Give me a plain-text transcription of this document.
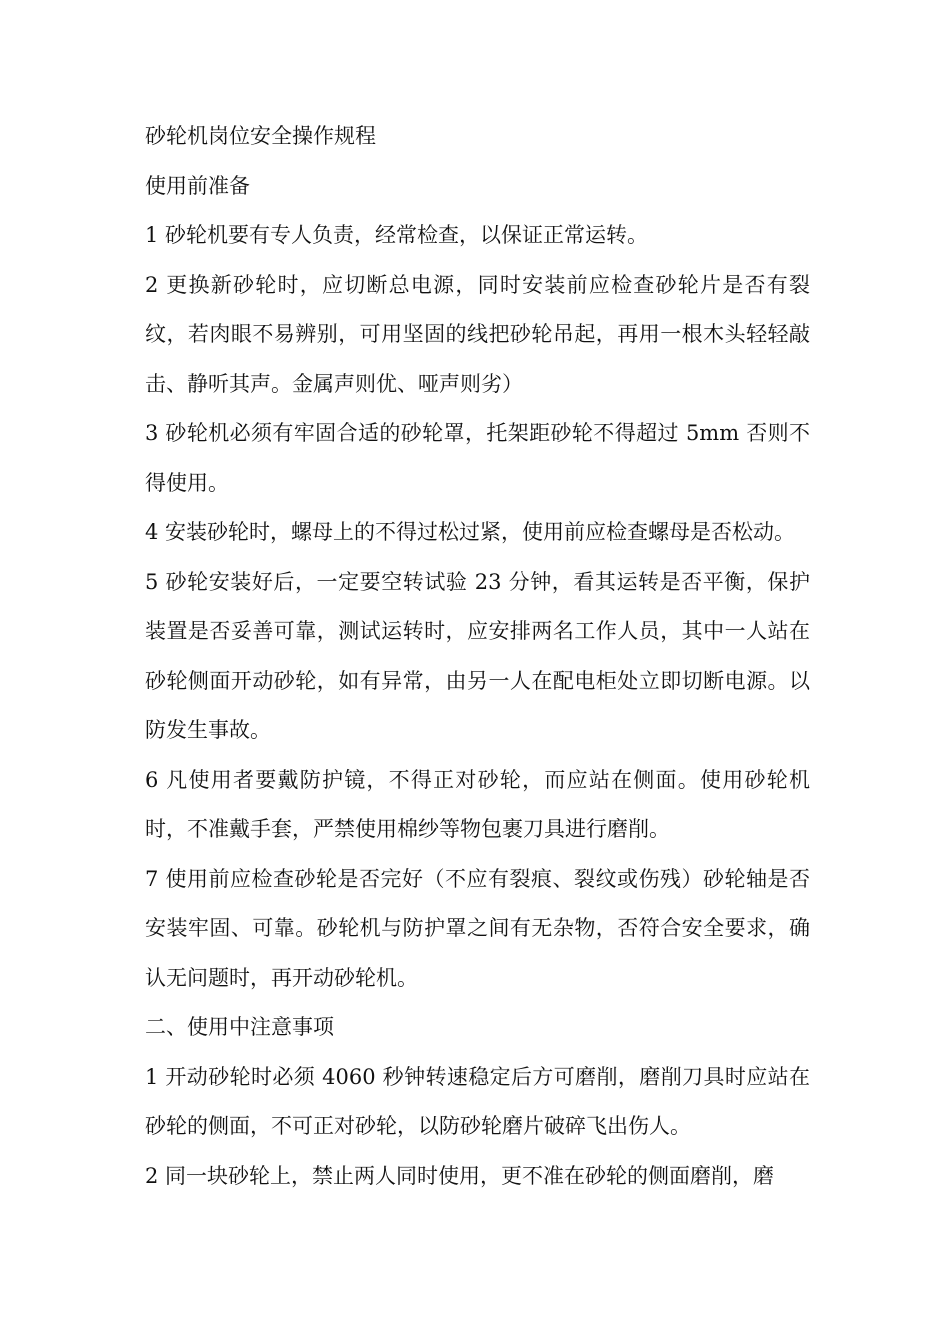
砂轮机岗位安全操作规程

使用前准备

1 砂轮机要有专人负责，经常检查，以保证正常运转。

2 更换新砂轮时，应切断总电源，同时安装前应检查砂轮片是否有裂纹，若肉眼不易辨别，可用坚固的线把砂轮吊起，再用一根木头轻轻敲击、静听其声。金属声则优、哑声则劣）

3 砂轮机必须有牢固合适的砂轮罩，托架距砂轮不得超过 5mm 否则不得使用。

4 安装砂轮时，螺母上的不得过松过紧，使用前应检查螺母是否松动。

5 砂轮安装好后，一定要空转试验 23 分钟，看其运转是否平衡，保护装置是否妥善可靠，测试运转时，应安排两名工作人员，其中一人站在砂轮侧面开动砂轮，如有异常，由另一人在配电柜处立即切断电源。以防发生事故。

6 凡使用者要戴防护镜，不得正对砂轮，而应站在侧面。使用砂轮机时，不准戴手套，严禁使用棉纱等物包裹刀具进行磨削。

7 使用前应检查砂轮是否完好（不应有裂痕、裂纹或伤残）砂轮轴是否安装牢固、可靠。砂轮机与防护罩之间有无杂物，否符合安全要求，确认无问题时，再开动砂轮机。

二、使用中注意事项

1 开动砂轮时必须 4060 秒钟转速稳定后方可磨削，磨削刀具时应站在砂轮的侧面，不可正对砂轮，以防砂轮磨片破碎飞出伤人。

2 同一块砂轮上，禁止两人同时使用，更不准在砂轮的侧面磨削，磨
